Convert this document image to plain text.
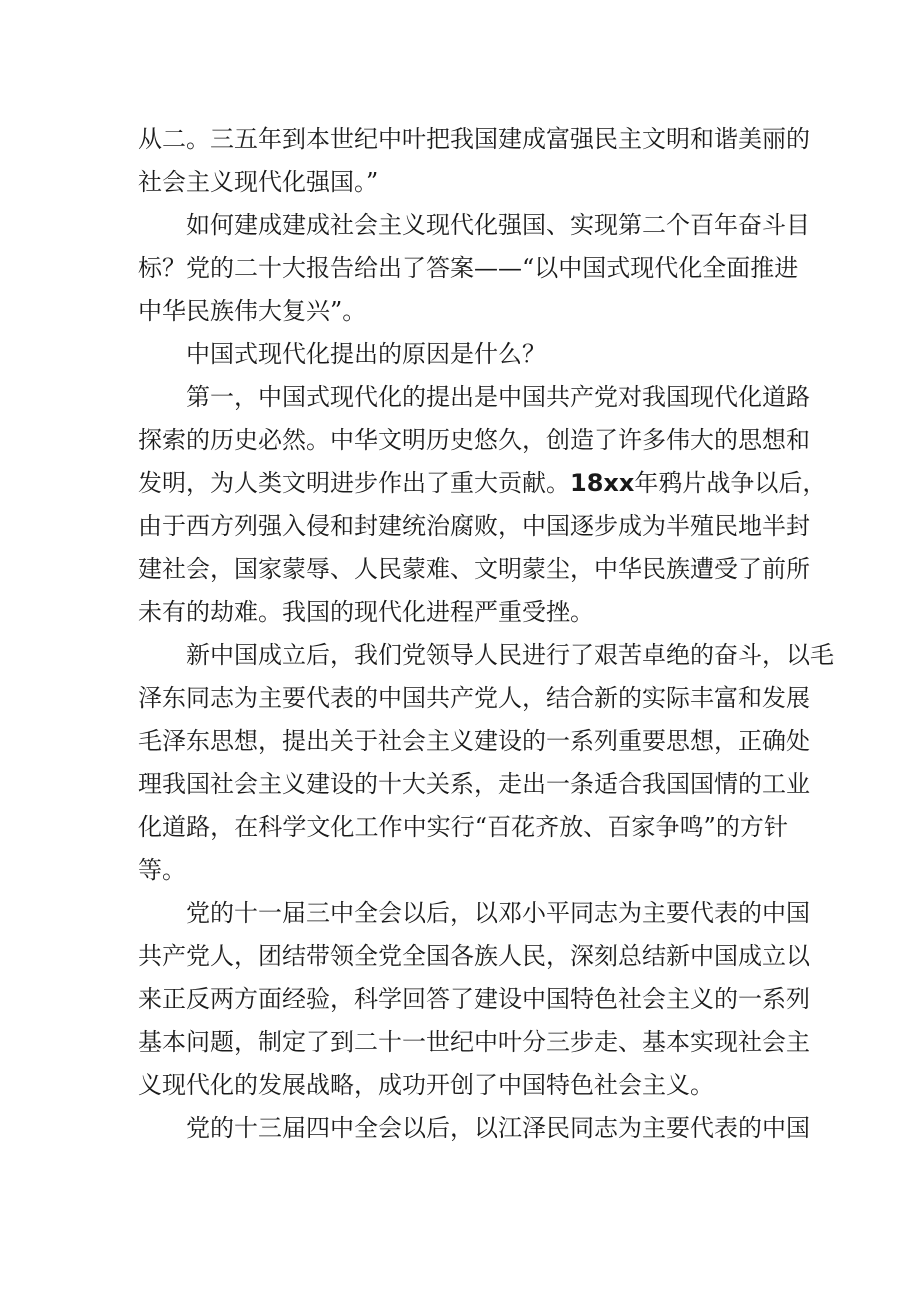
从二。三五年到本世纪中叶把我国建成富强民主文明和谐美丽的
社会主义现代化强国。”
如何建成建成社会主义现代化强国、实现第二个百年奋斗目
标？党的二十大报告给出了答案——“以中国式现代化全面推进
中华民族伟大复兴”。
中国式现代化提出的原因是什么？
第一，中国式现代化的提出是中国共产党对我国现代化道路
探索的历史必然。中华文明历史悠久，创造了许多伟大的思想和
发明，为人类文明进步作出了重大贡献。18xx年鸦片战争以后，
由于西方列强入侵和封建统治腐败，中国逐步成为半殖民地半封
建社会，国家蒙辱、人民蒙难、文明蒙尘，中华民族遭受了前所
未有的劫难。我国的现代化进程严重受挫。
新中国成立后，我们党领导人民进行了艰苦卓绝的奋斗，以毛
泽东同志为主要代表的中国共产党人，结合新的实际丰富和发展
毛泽东思想，提出关于社会主义建设的一系列重要思想，正确处
理我国社会主义建设的十大关系，走出一条适合我国国情的工业
化道路，在科学文化工作中实行“百花齐放、百家争鸣”的方针
等。
党的十一届三中全会以后，以邓小平同志为主要代表的中国
共产党人，团结带领全党全国各族人民，深刻总结新中国成立以
来正反两方面经验，科学回答了建设中国特色社会主义的一系列
基本问题，制定了到二十一世纪中叶分三步走、基本实现社会主
义现代化的发展战略，成功开创了中国特色社会主义。
党的十三届四中全会以后，以江泽民同志为主要代表的中国
